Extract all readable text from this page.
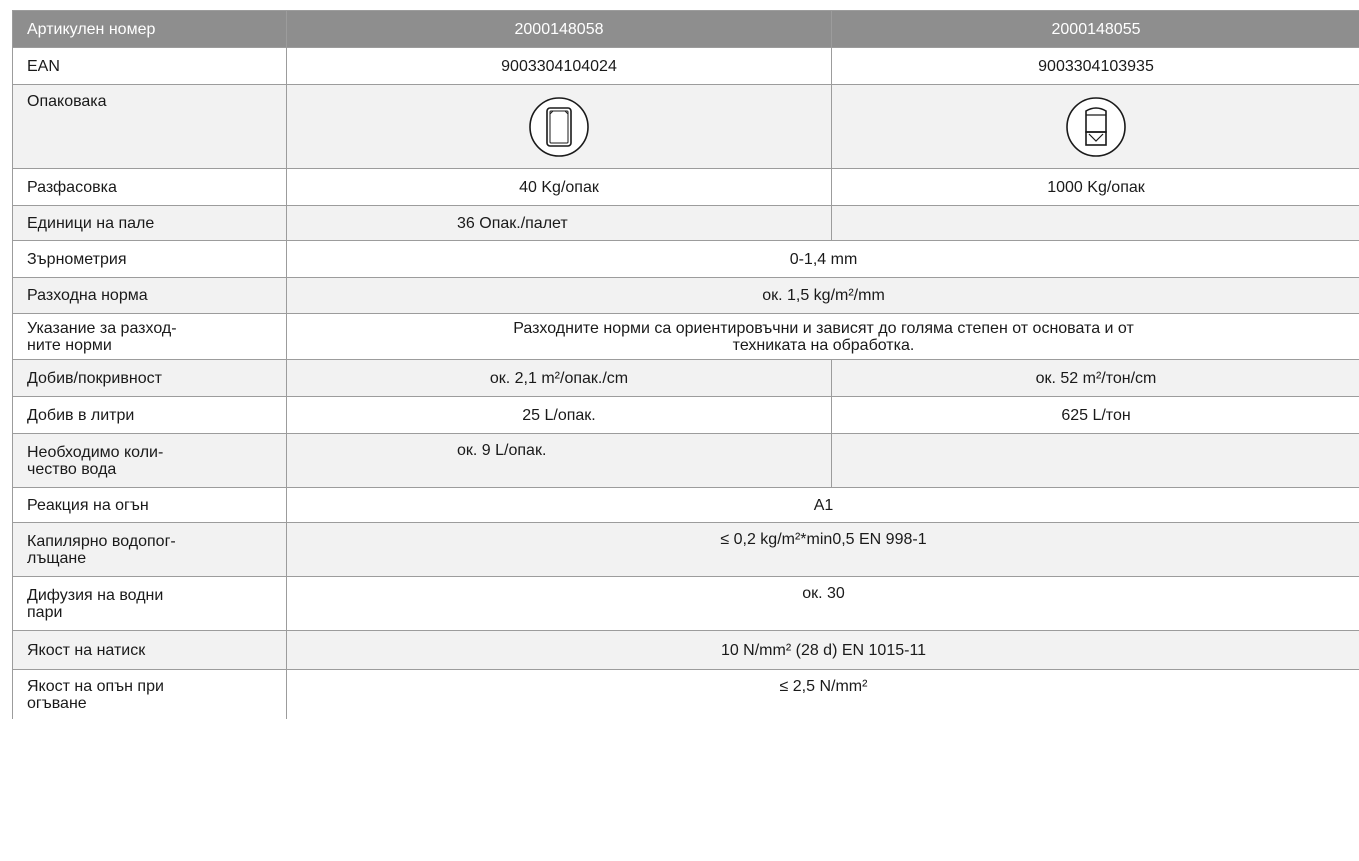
Артикулен номер	2000148058	2000148055
EAN	9003304104024	9003304103935
Опаковака	

Разфасовка	40 Kg/опак	1000 Kg/опак
Единици на пале	36 Опак./палет	
Зърнометрия	0-1,4 mm	
Разходна норма	ок. 1,5 kg/m²/mm	
Указание за разход-
ните норми	Разходните норми са ориентировъчни и зависят до голяма степен от основата и от
техниката на обработка.	
Добив/покривност	ок. 2,1 m²/опак./cm	ок. 52 m²/тон/cm
Добив в литри	25 L/опак.	625 L/тон
Необходимо коли-
чество вода	ок. 9 L/опак.	
Реакция на огън	A1	
Капилярно водопог-
лъщане	≤ 0,2 kg/m²*min0,5 EN 998-1	
Дифузия на водни
пари	ок. 30	
Якост на натиск	10 N/mm² (28 d) EN 1015-11	
Якост на опън при
огъване	≤ 2,5 N/mm²	
